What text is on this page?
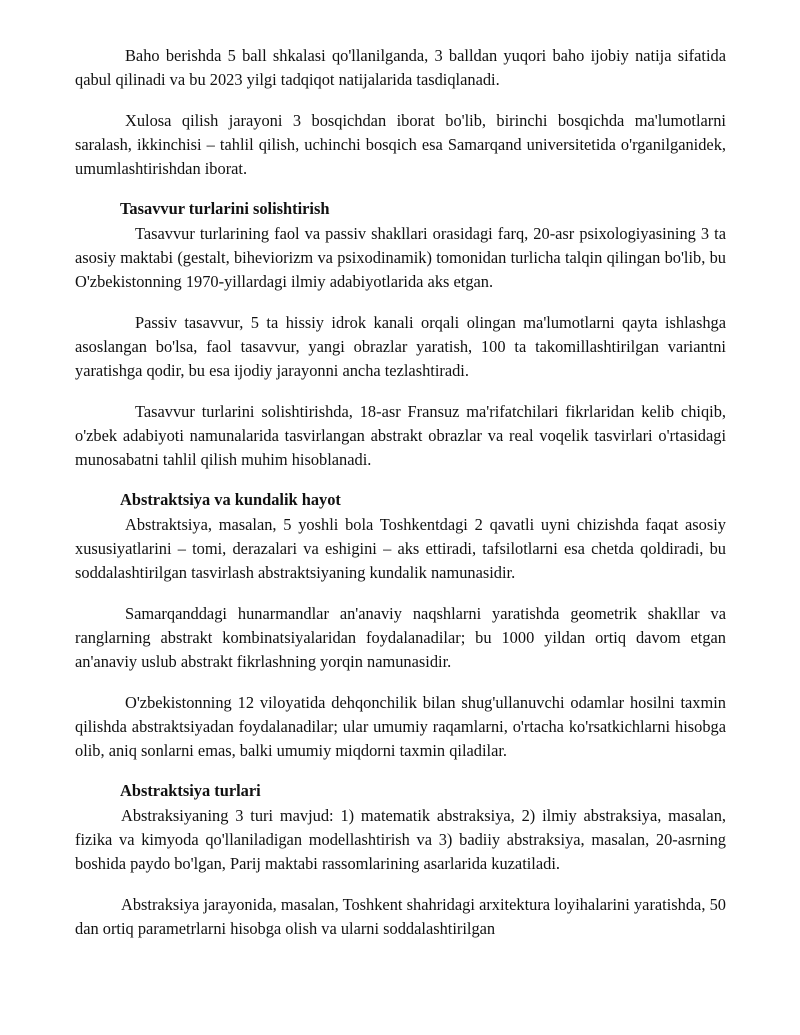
Baho berishda 5 ball shkalasi qo'llanilganda, 3 balldan yuqori baho ijobiy natija sifatida qabul qilinadi va bu 2023 yilgi tadqiqot natijalarida tasdiqlanadi.

Xulosa qilish jarayoni 3 bosqichdan iborat bo'lib, birinchi bosqichda ma'lumotlarni saralash, ikkinchisi – tahlil qilish, uchinchi bosqich esa Samarqand universitetida o'rganilganidek, umumlashtirishdan iborat.

Tasavvur turlarini solishtirish

Tasavvur turlarining faol va passiv shakllari orasidagi farq, 20-asr psixologiyasining 3 ta asosiy maktabi (gestalt, biheviorizm va psixodinamik) tomonidan turlicha talqin qilingan bo'lib, bu O'zbekistonning 1970-yillardagi ilmiy adabiyotlarida aks etgan.

Passiv tasavvur, 5 ta hissiy idrok kanali orqali olingan ma'lumotlarni qayta ishlashga asoslangan bo'lsa, faol tasavvur, yangi obrazlar yaratish, 100 ta takomillashtirilgan variantni yaratishga qodir, bu esa ijodiy jarayonni ancha tezlashtiradi.

Tasavvur turlarini solishtirishda, 18-asr Fransuz ma'rifatchilari fikrlaridan kelib chiqib, o'zbek adabiyoti namunalarida tasvirlangan abstrakt obrazlar va real voqelik tasvirlari o'rtasidagi munosabatni tahlil qilish muhim hisoblanadi.

Abstraktsiya va kundalik hayot

Abstraktsiya, masalan, 5 yoshli bola Toshkentdagi 2 qavatli uyni chizishda faqat asosiy xususiyatlarini – tomi, derazalari va eshigini – aks ettiradi, tafsilotlarni esa chetda qoldiradi, bu soddalashtirilgan tasvirlash abstraktsiyaning kundalik namunasidir.

Samarqanddagi hunarmandlar an'anaviy naqshlarni yaratishda geometrik shakllar va ranglarning abstrakt kombinatsiyalaridan foydalanadilar; bu 1000 yildan ortiq davom etgan an'anaviy uslub abstrakt fikrlashning yorqin namunasidir.

O'zbekistonning 12 viloyatida dehqonchilik bilan shug'ullanuvchi odamlar hosilni taxmin qilishda abstraktsiyadan foydalanadilar; ular umumiy raqamlarni, o'rtacha ko'rsatkichlarni hisobga olib, aniq sonlarni emas, balki umumiy miqdorni taxmin qiladilar.

Abstraktsiya turlari

Abstraksiyaning 3 turi mavjud: 1) matematik abstraksiya, 2) ilmiy abstraksiya, masalan, fizika va kimyoda qo'llaniladigan modellashtirish va 3) badiiy abstraksiya, masalan, 20-asrning boshida paydo bo'lgan, Parij maktabi rassomlarining asarlarida kuzatiladi.

Abstraksiya jarayonida, masalan, Toshkent shahridagi arxitektura loyihalarini yaratishda, 50 dan ortiq parametrlarni hisobga olish va ularni soddalashtirilgan
